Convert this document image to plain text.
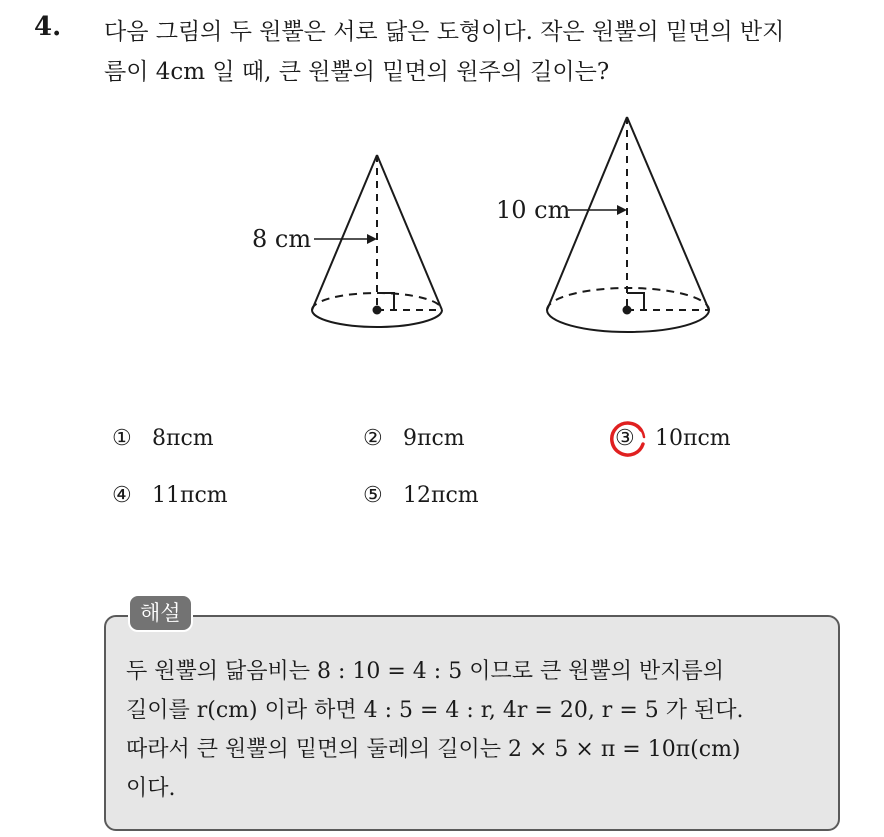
4. 다음 그림의 두 원뿔은 서로 닮은 도형이다. 작은 원뿔의 밑면의 반지
름이 4cm 일 때, 큰 원뿔의 밑면의 원주의 길이는?
8 cm
10 cm
① 8πcm	② 9πcm	③ 10πcm
④ 11πcm	⑤ 12πcm
해설
두 원뿔의 닮음비는 8 : 10 = 4 : 5 이므로 큰 원뿔의 반지름의
길이를 r(cm) 이라 하면 4 : 5 = 4 : r, 4r = 20, r = 5 가 된다.
따라서 큰 원뿔의 밑면의 둘레의 길이는 2 × 5 × π = 10π(cm)
이다.
